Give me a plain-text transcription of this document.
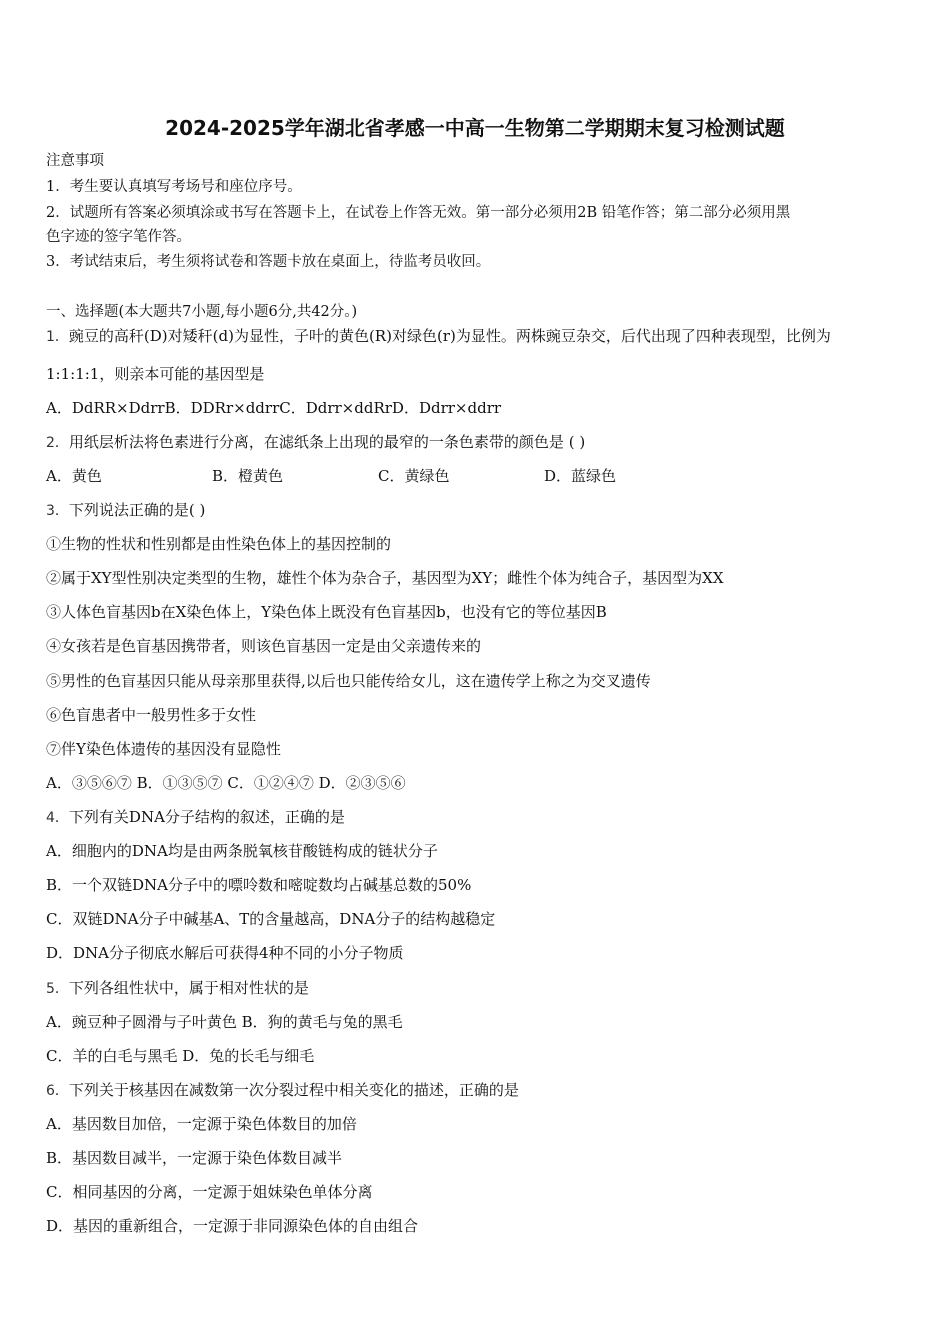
2024-2025学年湖北省孝感一中高一生物第二学期期末复习检测试题
注意事项
1．考生要认真填写考场号和座位序号。
2．试题所有答案必须填涂或书写在答题卡上，在试卷上作答无效。第一部分必须用2B 铅笔作答；第二部分必须用黑
色字迹的签字笔作答。
3．考试结束后，考生须将试卷和答题卡放在桌面上，待监考员收回。
一、选择题(本大题共7小题,每小题6分,共42分。)
1．豌豆的高秆(D)对矮秆(d)为显性，子叶的黄色(R)对绿色(r)为显性。两株豌豆杂交，后代出现了四种表现型，比例为
1:1:1:1，则亲本可能的基因型是
A．DdRR×DdrrB．DDRr×ddrrC．Ddrr×ddRrD．Ddrr×ddrr
2．用纸层析法将色素进行分离，在滤纸条上出现的最窄的一条色素带的颜色是 ( )
A．黄色	B．橙黄色	C．黄绿色	D．蓝绿色
3．下列说法正确的是( )
①生物的性状和性别都是由性染色体上的基因控制的
②属于XY型性别决定类型的生物，雄性个体为杂合子，基因型为XY；雌性个体为纯合子，基因型为XX
③人体色盲基因b在X染色体上，Y染色体上既没有色盲基因b，也没有它的等位基因B
④女孩若是色盲基因携带者，则该色盲基因一定是由父亲遗传来的
⑤男性的色盲基因只能从母亲那里获得,以后也只能传给女儿，这在遗传学上称之为交叉遗传
⑥色盲患者中一般男性多于女性
⑦伴Y染色体遗传的基因没有显隐性
A．③⑤⑥⑦ B．①③⑤⑦ C．①②④⑦ D．②③⑤⑥
4．下列有关DNA分子结构的叙述，正确的是
A．细胞内的DNA均是由两条脱氧核苷酸链构成的链状分子
B．一个双链DNA分子中的嘌呤数和嘧啶数均占碱基总数的50%
C．双链DNA分子中碱基A、T的含量越高，DNA分子的结构越稳定
D．DNA分子彻底水解后可获得4种不同的小分子物质
5．下列各组性状中，属于相对性状的是
A．豌豆种子圆滑与子叶黄色 B．狗的黄毛与兔的黑毛
C．羊的白毛与黑毛 D．兔的长毛与细毛
6．下列关于核基因在减数第一次分裂过程中相关变化的描述，正确的是
A．基因数目加倍，一定源于染色体数目的加倍
B．基因数目减半，一定源于染色体数目减半
C．相同基因的分离，一定源于姐妹染色单体分离
D．基因的重新组合，一定源于非同源染色体的自由组合
